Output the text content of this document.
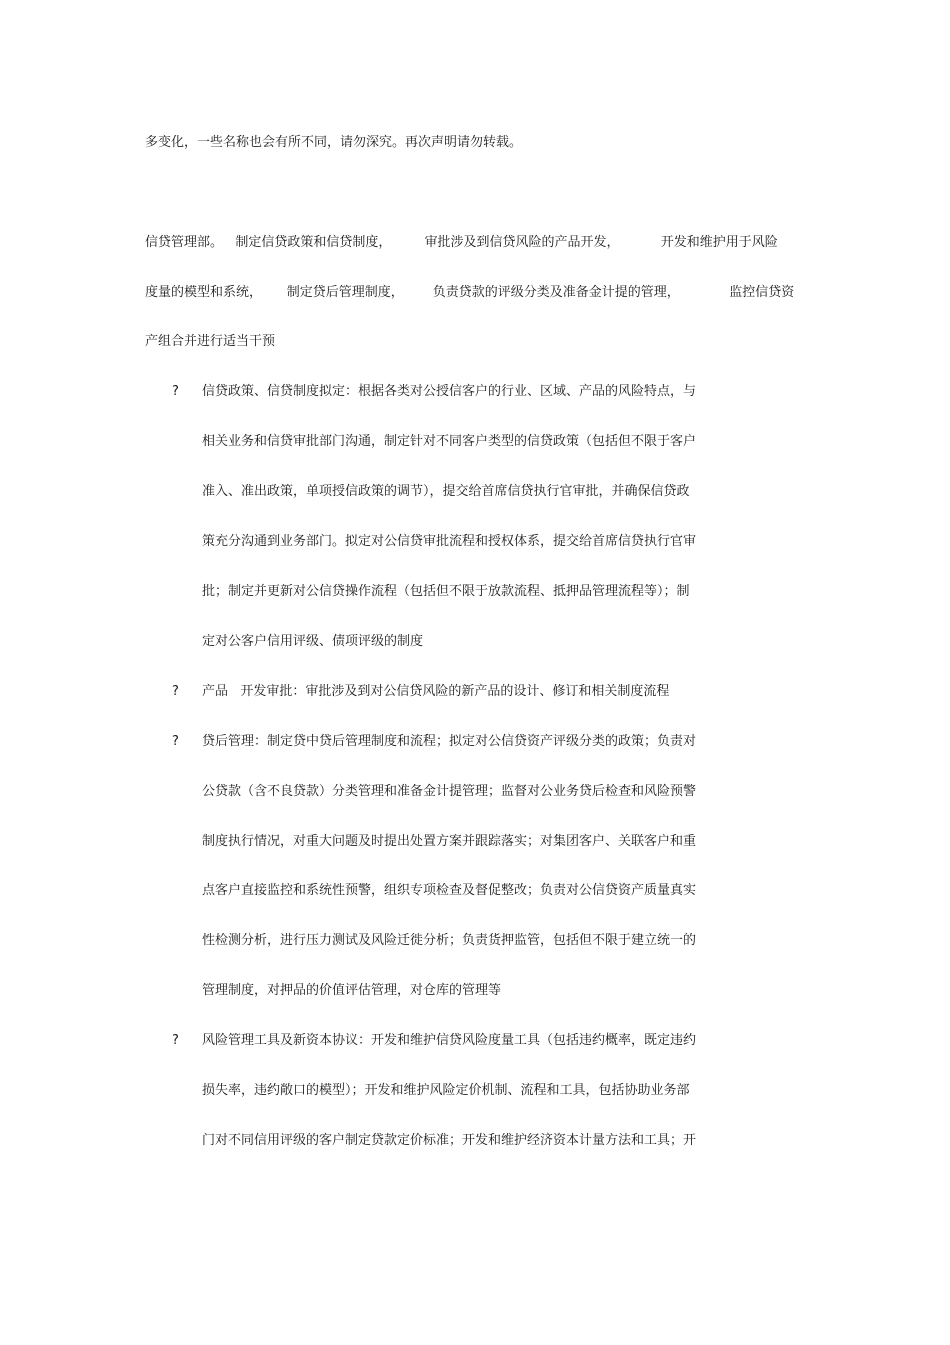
多变化，一些名称也会有所不同，请勿深究。再次声明请勿转载。
信贷管理部。   制定信贷政策和信贷制度，        审批涉及到信贷风险的产品开发，          开发和维护用于风险
度量的模型和系统，      制定贷后管理制度，       负责贷款的评级分类及准备金计提的管理，            监控信贷资
产组合并进行适当干预
? 信贷政策、信贷制度拟定：根据各类对公授信客户的行业、区域、产品的风险特点，与
相关业务和信贷审批部门沟通，制定针对不同客户类型的信贷政策（包括但不限于客户
准入、准出政策，单项授信政策的调节），提交给首席信贷执行官审批，并确保信贷政
策充分沟通到业务部门。拟定对公信贷审批流程和授权体系，提交给首席信贷执行官审
批；制定并更新对公信贷操作流程（包括但不限于放款流程、抵押品管理流程等）；制
定对公客户信用评级、债项评级的制度
? 产品   开发审批：审批涉及到对公信贷风险的新产品的设计、修订和相关制度流程
? 贷后管理：制定贷中贷后管理制度和流程；拟定对公信贷资产评级分类的政策；负责对
公贷款（含不良贷款）分类管理和准备金计提管理；监督对公业务贷后检查和风险预警
制度执行情况，对重大问题及时提出处置方案并跟踪落实；对集团客户、关联客户和重
点客户直接监控和系统性预警，组织专项检查及督促整改；负责对公信贷资产质量真实
性检测分析，进行压力测试及风险迁徙分析；负责货押监管，包括但不限于建立统一的
管理制度，对押品的价值评估管理，对仓库的管理等
? 风险管理工具及新资本协议：开发和维护信贷风险度量工具（包括违约概率，既定违约
损失率，违约敞口的模型）；开发和维护风险定价机制、流程和工具，包括协助业务部
门对不同信用评级的客户制定贷款定价标准；开发和维护经济资本计量方法和工具；开
